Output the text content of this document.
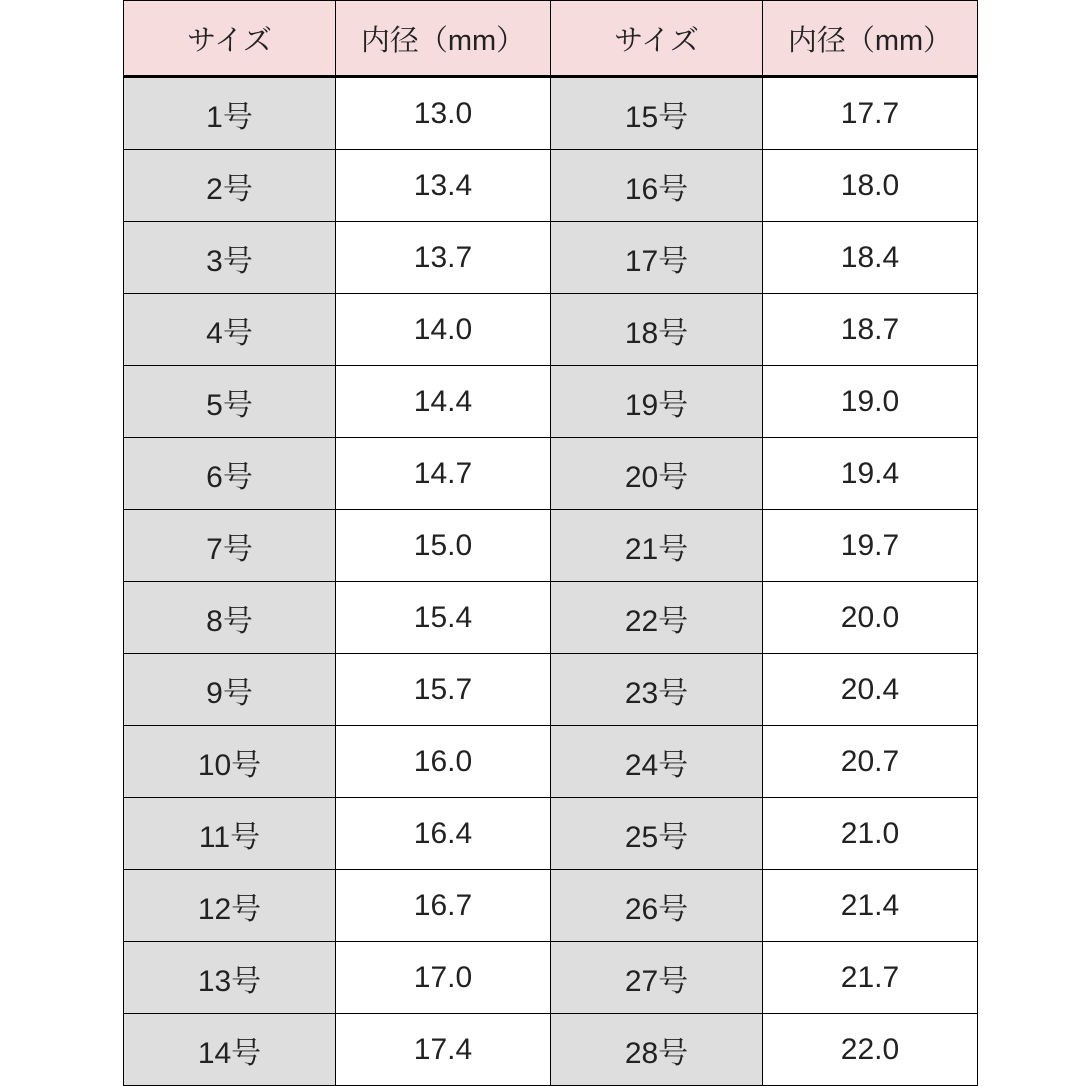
サイズ	内径（mm）	サイズ	内径（mm）
1号	13.0	15号	17.7
2号	13.4	16号	18.0
3号	13.7	17号	18.4
4号	14.0	18号	18.7
5号	14.4	19号	19.0
6号	14.7	20号	19.4
7号	15.0	21号	19.7
8号	15.4	22号	20.0
9号	15.7	23号	20.4
10号	16.0	24号	20.7
11号	16.4	25号	21.0
12号	16.7	26号	21.4
13号	17.0	27号	21.7
14号	17.4	28号	22.0
